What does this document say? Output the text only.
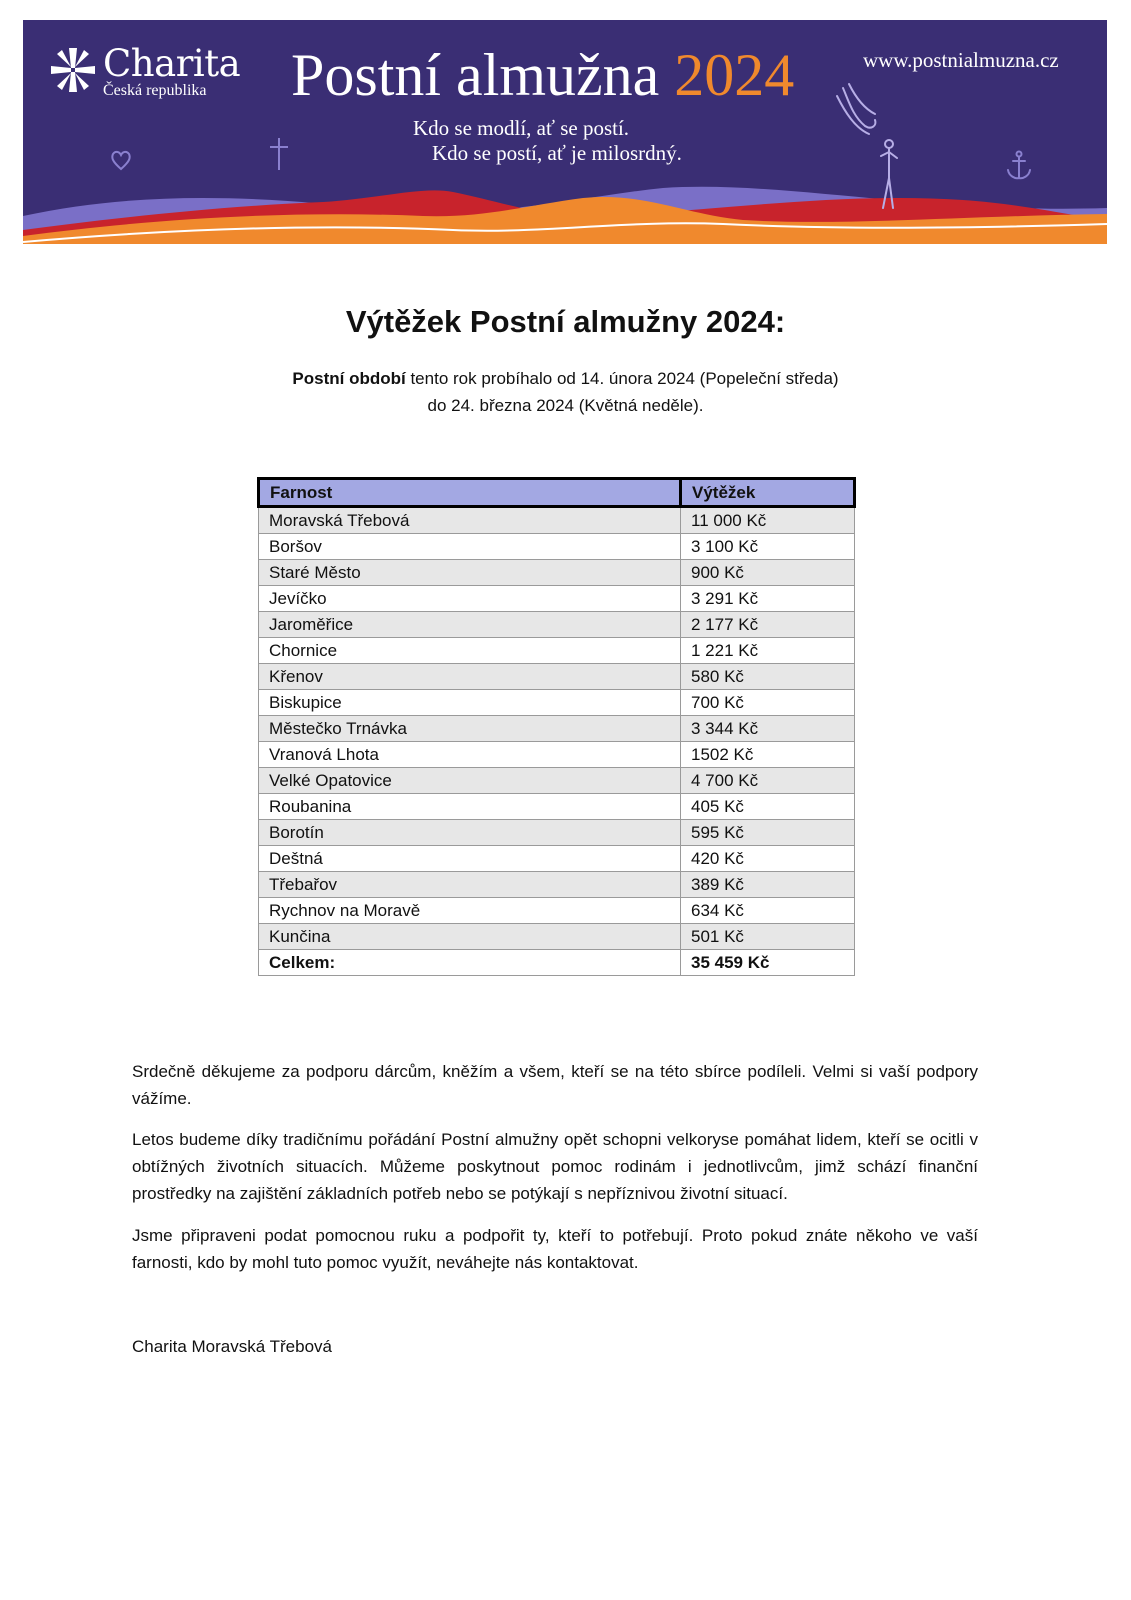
Charita
Česká republika	Postní almužna 2024	www.postnialmuzna.cz
Kdo se modlí, ať se postí.
Kdo se postí, ať je milosrdný.
Výtěžek Postní almužny 2024:
Postní období tento rok probíhalo od 14. února 2024 (Popeleční středa)
do 24. března 2024 (Květná neděle).
Farnost	Výtěžek
Moravská Třebová	11 000 Kč
Boršov	3 100 Kč
Staré Město	900 Kč
Jevíčko	3 291 Kč
Jaroměřice	2 177 Kč
Chornice	1 221 Kč
Křenov	580 Kč
Biskupice	700 Kč
Městečko Trnávka	3 344 Kč
Vranová Lhota	1502 Kč
Velké Opatovice	4 700 Kč
Roubanina	405 Kč
Borotín	595 Kč
Deštná	420 Kč
Třebařov	389 Kč
Rychnov na Moravě	634 Kč
Kunčina	501 Kč
Celkem:	35 459 Kč
Srdečně děkujeme za podporu dárcům, kněžím a všem, kteří se na této sbírce podíleli. Velmi si vaší podpory vážíme.
Letos budeme díky tradičnímu pořádání Postní almužny opět schopni velkoryse pomáhat lidem, kteří se ocitli v obtížných životních situacích. Můžeme poskytnout pomoc rodinám i jednotlivcům, jimž schází finanční prostředky na zajištění základních potřeb nebo se potýkají s nepříznivou životní situací.
Jsme připraveni podat pomocnou ruku a podpořit ty, kteří to potřebují. Proto pokud znáte někoho ve vaší farnosti, kdo by mohl tuto pomoc využít, neváhejte nás kontaktovat.
Charita Moravská Třebová
